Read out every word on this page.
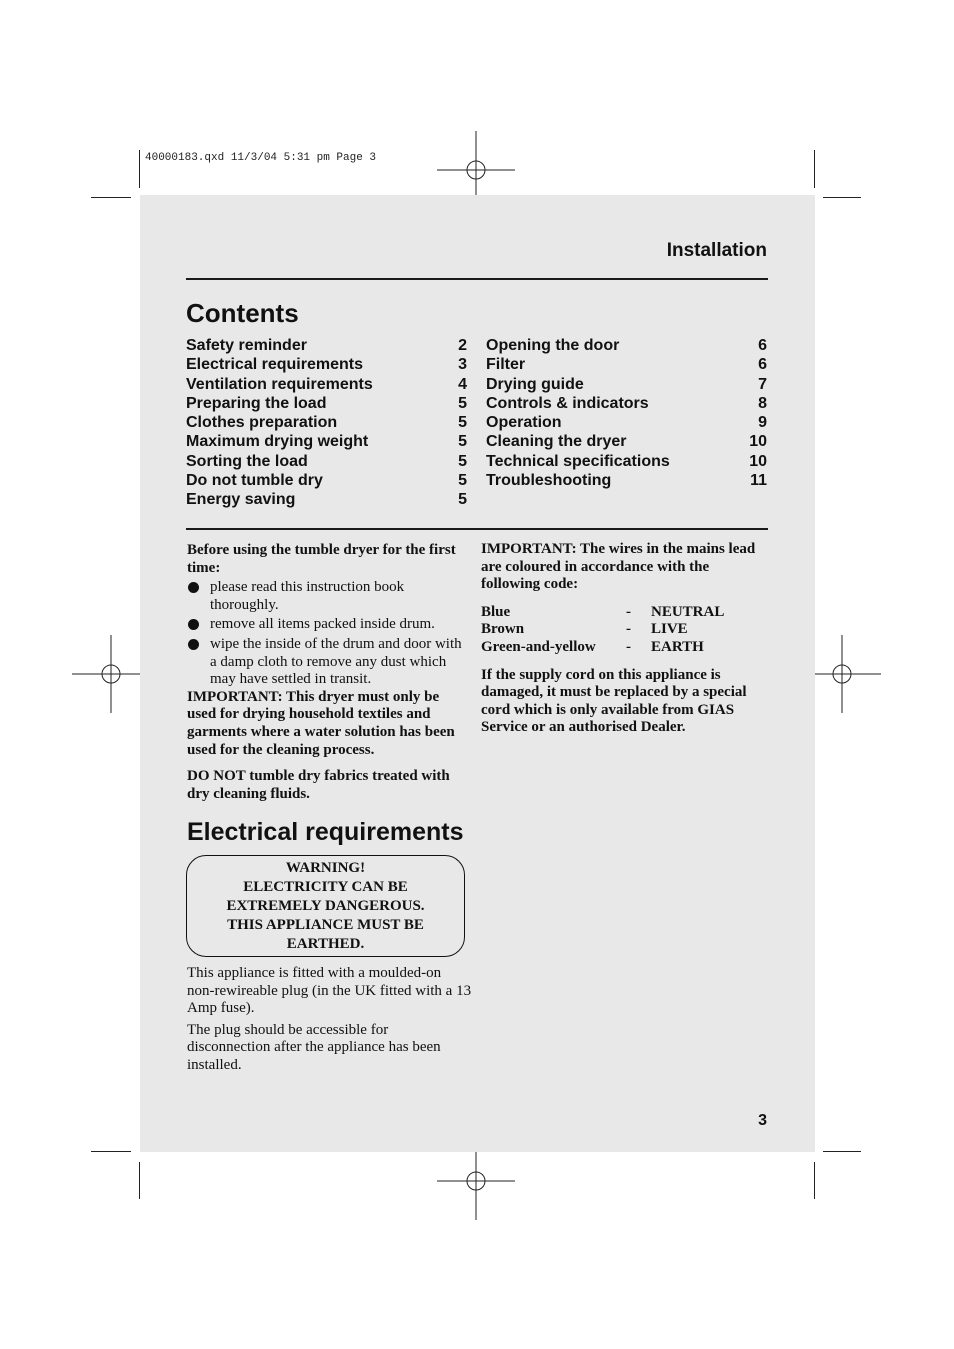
40000183.qxd 11/3/04 5:31 pm Page 3
Installation
Contents
Safety reminder	2
Electrical requirements	3
Ventilation requirements	4
Preparing the load	5
Clothes preparation	5
Maximum drying weight	5
Sorting the load	5
Do not tumble dry	5
Energy saving	5
Opening the door	6
Filter	6
Drying guide	7
Controls & indicators	8
Operation	9
Cleaning the dryer	10
Technical specifications	10
Troubleshooting	11

Before using the tumble dryer for the first time:

please read this instruction book thoroughly.
remove all items packed inside drum.
wipe the inside of the drum and door with a damp cloth to remove any dust which may have settled in transit.

IMPORTANT: This dryer must only be used for drying household textiles and garments where a water solution has been used for the cleaning process.

DO NOT tumble dry fabrics treated with dry cleaning fluids.

Electrical requirements
WARNING!
ELECTRICITY CAN BE
EXTREMELY DANGEROUS.
THIS APPLIANCE MUST BE
EARTHED.

This appliance is fitted with a moulded-on non-rewireable plug (in the UK fitted with a 13 Amp fuse).

The plug should be accessible for disconnection after the appliance has been installed.

IMPORTANT: The wires in the mains lead are coloured in accordance with the following code:

Blue	-	NEUTRAL
Brown	-	LIVE
Green-and-yellow	-	EARTH

If the supply cord on this appliance is damaged, it must be replaced by a special cord which is only available from GIAS Service or an authorised Dealer.

3
